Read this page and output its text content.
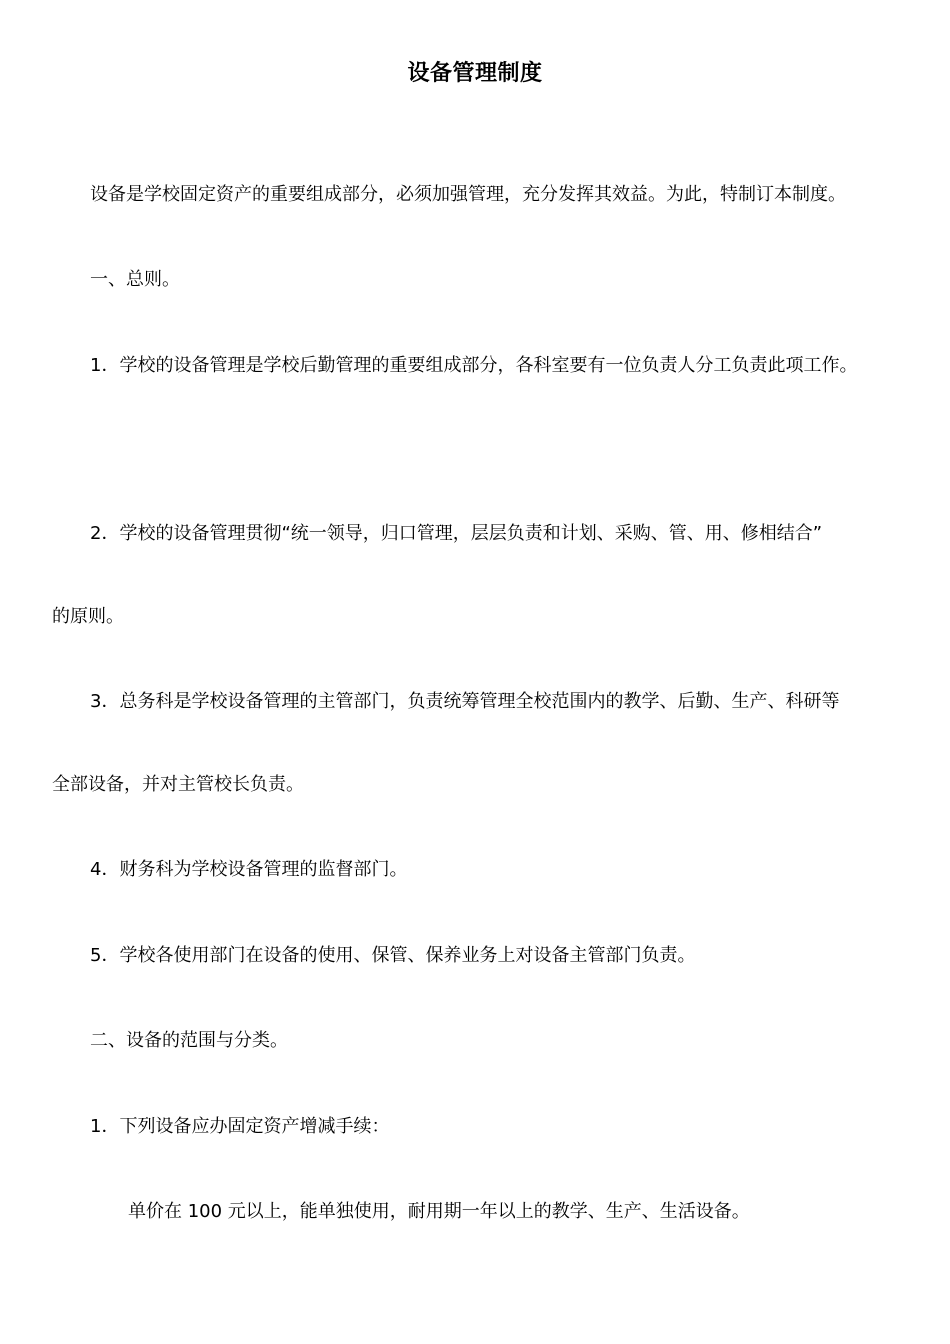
设备管理制度
设备是学校固定资产的重要组成部分，必须加强管理，充分发挥其效益。为此，特制订本制度。
一、总则。
1．学校的设备管理是学校后勤管理的重要组成部分，各科室要有一位负责人分工负责此项工作。
2．学校的设备管理贯彻“统一领导，归口管理，层层负责和计划、采购、管、用、修相结合”
的原则。
3．总务科是学校设备管理的主管部门，负责统筹管理全校范围内的教学、后勤、生产、科研等
全部设备，并对主管校长负责。
4．财务科为学校设备管理的监督部门。
5．学校各使用部门在设备的使用、保管、保养业务上对设备主管部门负责。
二、设备的范围与分类。
1．下列设备应办固定资产增减手续：
单价在 100 元以上，能单独使用，耐用期一年以上的教学、生产、生活设备。
